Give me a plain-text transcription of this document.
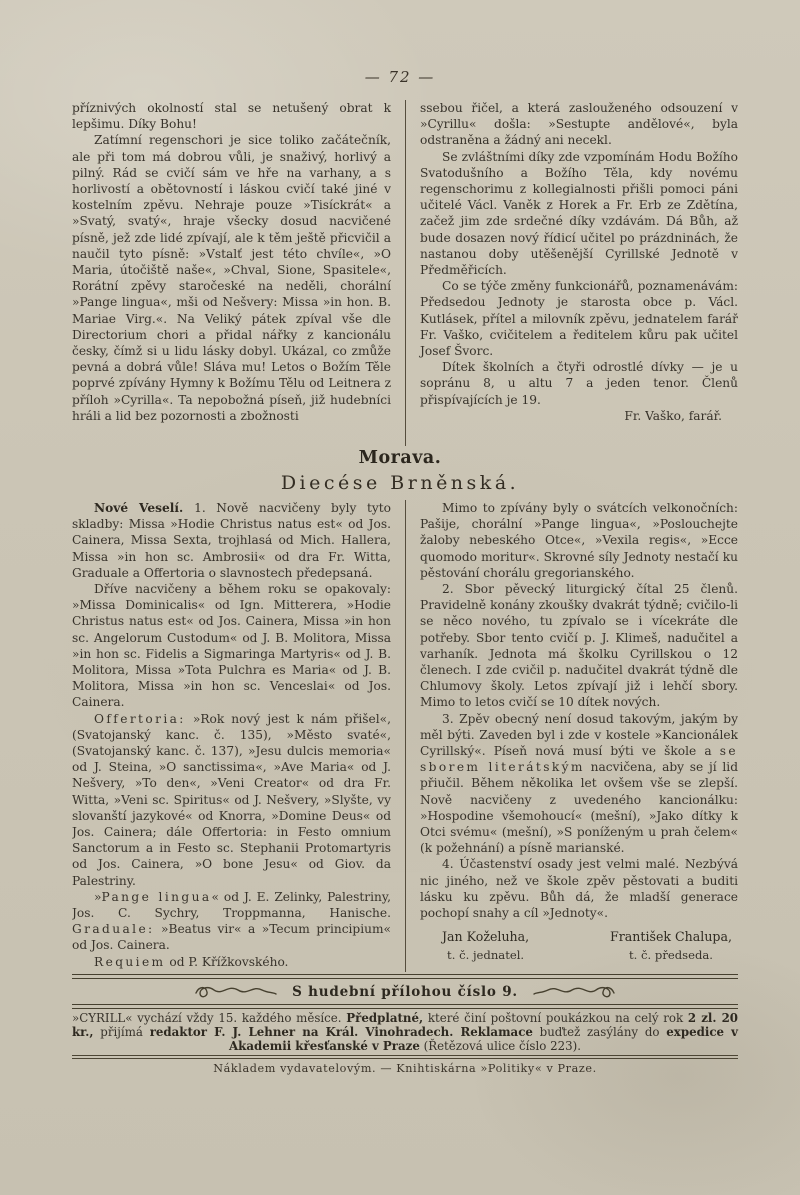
— 72 —

příznivých okolností stal se netušený obrat k lepšimu. Díky Bohu!

Zatímní regenschori je sice toliko začátečník, ale při tom má dobrou vůli, je snaživý, horlivý a pilný. Rád se cvičí sám ve hře na varhany, a s horlivostí a obětovností i láskou cvičí také jiné v kostelním zpěvu. Nehraje pouze »Tisíckrát« a »Svatý, svatý«, hraje všecky dosud nacvičené písně, jež zde lidé zpívají, ale k těm ještě přicvičil a naučil tyto písně: »Vstalť jest této chvíle«, »O Maria, útočiště naše«, »Chval, Sione, Spasitele«, Rorátní zpěvy staročeské na neděli, chorální »Pange lingua«, mši od Nešvery: Missa »in hon. B. Mariae Virg.«. Na Veliký pátek zpíval vše dle Directorium chori a přidal nářky z kancionálu česky, čímž si u lidu lásky dobyl. Ukázal, co zmůže pevná a dobrá vůle! Sláva mu! Letos o Božím Těle poprvé zpívány Hymny k Božímu Tělu od Leitnera z příloh »Cyrilla«. Ta nepobožná píseň, již hudebníci hráli a lid bez pozornosti a zbožnosti

ssebou řičel, a která zaslouženého odsouzení v »Cyrillu« došla: »Sestupte andělové«, byla odstraněna a žádný ani necekl.

Se zvláštními díky zde vzpomínám Hodu Božího Svatodušního a Božího Těla, kdy novému regenschorimu z kollegialnosti přišli pomoci páni učitelé Václ. Vaněk z Horek a Fr. Erb ze Zdětína, začež jim zde srdečné díky vzdávám. Dá Bůh, až bude dosazen nový řídicí učitel po prázdninách, že nastanou doby utěšenější Cyrillské Jednotě v Předměřicích.

Co se týče změny funkcionářů, poznamenávám: Předsedou Jednoty je starosta obce p. Václ. Kutlásek, přítel a milovník zpěvu, jednatelem farář Fr. Vaško, cvičitelem a ředitelem kůru pak učitel Josef Švorc.

Dítek školních a čtyři odrostlé dívky — je u sopránu 8, u altu 7 a jeden tenor. Členů přispívajících je 19.

Fr. Vaško, farář.

Morava.
Diecése Brněnská.

Nové Veselí. 1. Nově nacvičeny byly tyto skladby: Missa »Hodie Christus natus est« od Jos. Cainera, Missa Sexta, trojhlasá od Mich. Hallera, Missa »in hon sc. Ambrosii« od dra Fr. Witta, Graduale a Offertoria o slavnostech předepsaná.

Dříve nacvičeny a během roku se opakovaly: »Missa Dominicalis« od Ign. Mitterera, »Hodie Christus natus est« od Jos. Cainera, Missa »in hon sc. Angelorum Custodum« od J. B. Molitora, Missa »in hon sc. Fidelis a Sigmaringa Martyris« od J. B. Molitora, Missa »Tota Pulchra es Maria« od J. B. Molitora, Missa »in hon sc. Venceslai« od Jos. Cainera.

Offertoria: »Rok nový jest k nám přišel«, (Svatojanský kanc. č. 135), »Město svaté«, (Svatojanský kanc. č. 137), »Jesu dulcis memoria« od J. Steina, »O sanctissima«, »Ave Maria« od J. Nešvery, »To den«, »Veni Creator« od dra Fr. Witta, »Veni sc. Spiritus« od J. Nešvery, »Slyšte, vy slovanští jazykové« od Knorra, »Domine Deus« od Jos. Cainera; dále Offertoria: in Festo omnium Sanctorum a in Festo sc. Stephanii Protomartyris od Jos. Cainera, »O bone Jesu« od Giov. da Palestriny.

»Pange lingua« od J. E. Zelinky, Palestriny, Jos. C. Sychry, Troppmanna, Hanische. Graduale: »Beatus vir« a »Tecum principium« od Jos. Cainera.

Requiem od P. Křížkovského.

Mimo to zpívány byly o svátcích velkonočních: Pašije, chorální »Pange lingua«, »Poslouchejte žaloby nebeského Otce«, »Vexila regis«, »Ecce quomodo moritur«. Skrovné síly Jednoty nestačí ku pěstování chorálu gregorianského.

2. Sbor pěvecký liturgický čítal 25 členů. Pravidelně konány zkoušky dvakrát týdně; cvičilo-li se něco nového, tu zpívalo se i vícekráte dle potřeby. Sbor tento cvičí p. J. Klimeš, nadučitel a varhaník. Jednota má školku Cyrillskou o 12 členech. I zde cvičil p. nadučitel dvakrát týdně dle Chlumovy školy. Letos zpívají již i lehčí sbory. Mimo to letos cvičí se 10 dítek nových.

3. Zpěv obecný není dosud takovým, jakým by měl býti. Zaveden byl i zde v kostele »Kancionálek Cyrillský«. Píseň nová musí býti ve škole a se sborem literátským nacvičena, aby se jí lid přiučil. Během několika let ovšem vše se zlepší. Nově nacvičeny z uvedeného kancionálku: »Hospodine všemohoucí« (mešní), »Jako dítky k Otci svému« (mešní), »S poníženým u prah čelem« (k požehnání) a písně marianské.

4. Účastenství osady jest velmi malé. Nezbývá nic jiného, než ve škole zpěv pěstovati a buditi lásku ku zpěvu. Bůh dá, že mladší generace pochopí snahy a cíl »Jednoty«.

Jan Koželuha,
t. č. jednatel.
František Chalupa,
t. č. předseda.
S hudební přílohou číslo 9.

»CYRILL« vychází vždy 15. každého měsíce. Předplatné, které činí poštovní poukázkou na celý rok 2 zl. 20 kr., přijímá redaktor F. J. Lehner na Král. Vinohradech. Reklamace buďtež zasýlány do expedice v Akademii křesťanské v Praze (Řetězová ulice číslo 223).

Nákladem vydavatelovým. — Knihtiskárna »Politiky« v Praze.
